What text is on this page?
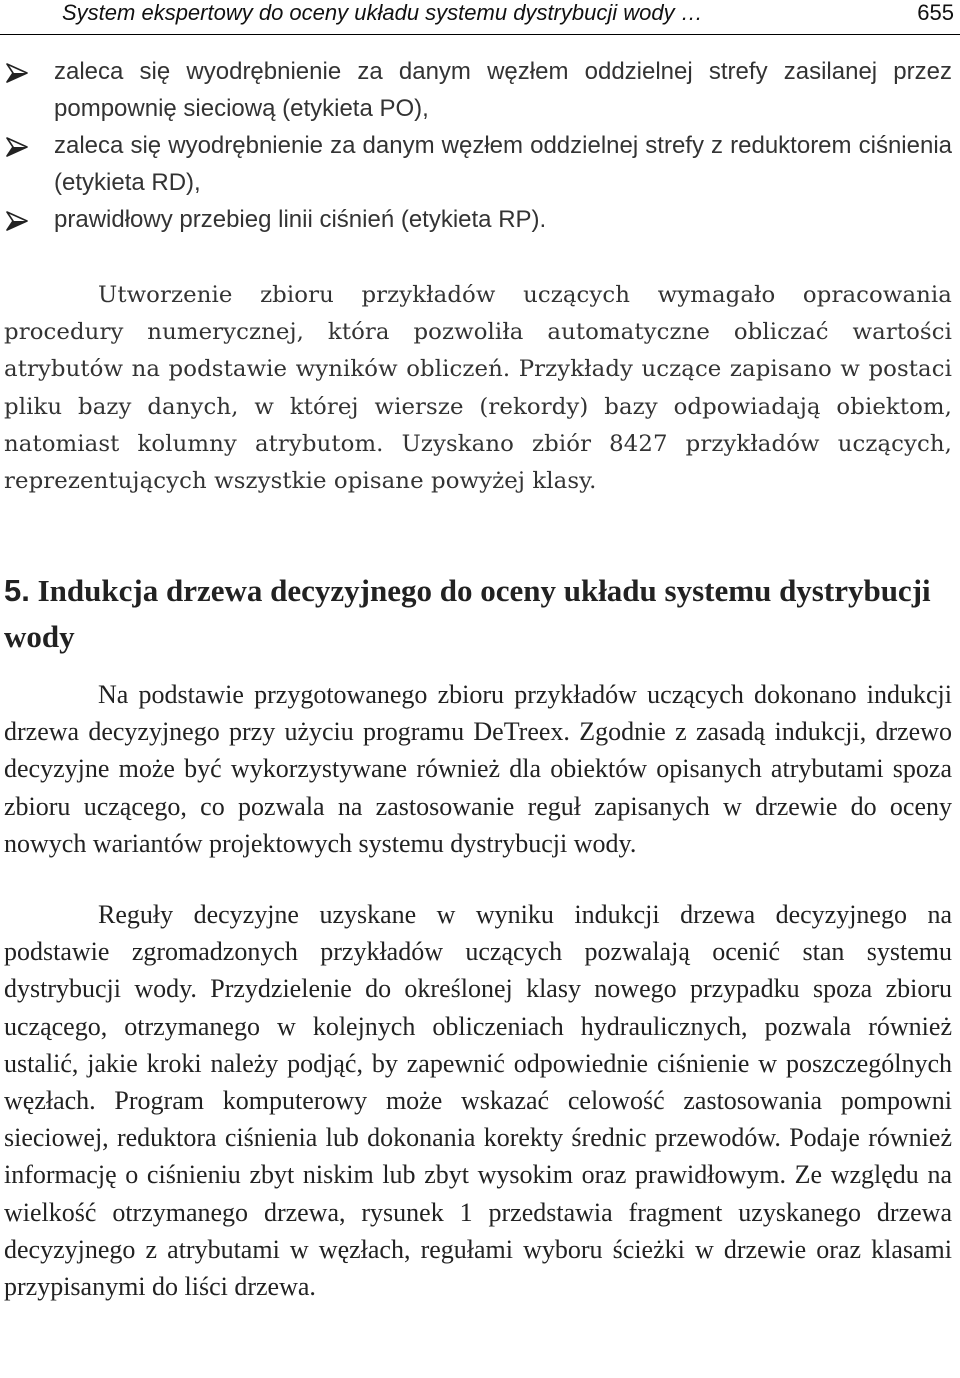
System ekspertowy do oceny układu systemu dystrybucji wody …	655
zaleca się wyodrębnienie za danym węzłem oddzielnej strefy zasilanej przez pompownię sieciową (etykieta PO),
zaleca się wyodrębnienie za danym węzłem oddzielnej strefy z reduktorem ciśnienia (etykieta RD),
prawidłowy przebieg linii ciśnień (etykieta RP).

Utworzenie zbioru przykładów uczących wymagało opracowania procedury numerycznej, która pozwoliła automatyczne obliczać wartości atrybutów na podstawie wyników obliczeń. Przykłady uczące zapisano w postaci pliku bazy danych, w której wiersze (rekordy) bazy odpowiadają obiektom, natomiast kolumny atrybutom. Uzyskano zbiór 8427 przykładów uczących, reprezentujących wszystkie opisane powyżej klasy.

5. Indukcja drzewa decyzyjnego do oceny układu systemu dystrybucji wody

Na podstawie przygotowanego zbioru przykładów uczących dokonano indukcji drzewa decyzyjnego przy użyciu programu DeTreex. Zgodnie z zasadą indukcji, drzewo decyzyjne może być wykorzystywane również dla obiektów opisanych atrybutami spoza zbioru uczącego, co pozwala na zastosowanie reguł zapisanych w drzewie do oceny nowych wariantów projektowych systemu dystrybucji wody.

Reguły decyzyjne uzyskane w wyniku indukcji drzewa decyzyjnego na podstawie zgromadzonych przykładów uczących pozwalają ocenić stan systemu dystrybucji wody. Przydzielenie do określonej klasy nowego przypadku spoza zbioru uczącego, otrzymanego w kolejnych obliczeniach hydraulicznych, pozwala również ustalić, jakie kroki należy podjąć, by zapewnić odpowiednie ciśnienie w poszczególnych węzłach. Program komputerowy może wskazać celowość zastosowania pompowni sieciowej, reduktora ciśnienia lub dokonania korekty średnic przewodów. Podaje również informację o ciśnieniu zbyt niskim lub zbyt wysokim oraz prawidłowym. Ze względu na wielkość otrzymanego drzewa, rysunek 1 przedstawia fragment uzyskanego drzewa decyzyjnego z atrybutami w węzłach, regułami wyboru ścieżki w drzewie oraz klasami przypisanymi do liści drzewa.
